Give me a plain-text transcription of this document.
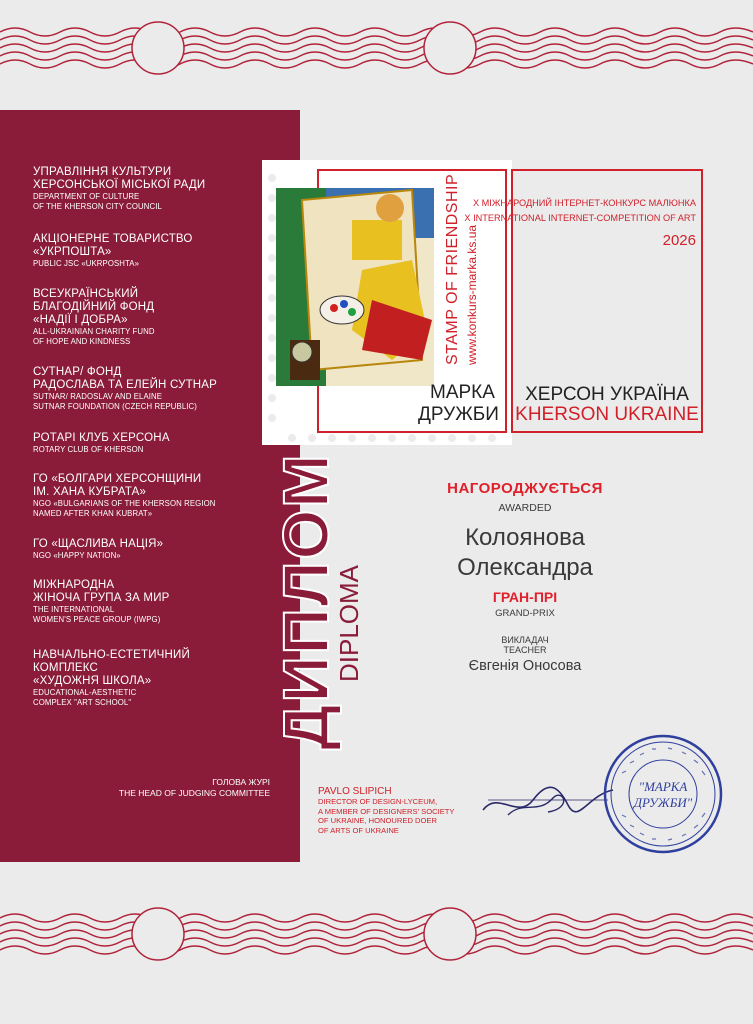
УПРАВЛІННЯ КУЛЬТУРИ
ХЕРСОНСЬКОЇ МІСЬКОЇ РАДИ
DEPARTMENT OF CULTURE
OF THE KHERSON CITY COUNCIL
АКЦІОНЕРНЕ ТОВАРИСТВО
«УКРПОШТА»
PUBLIC JSC «UKRPOSHTA»
ВСЕУКРАЇНСЬКИЙ
БЛАГОДІЙНИЙ ФОНД
«НАДІЇ І ДОБРА»
ALL-UKRAINIAN CHARITY FUND
OF HOPE AND KINDNESS
СУТНАР/ ФОНД
РАДОСЛАВА ТА ЕЛЕЙН СУТНАР
SUTNAR/ RADOSLAV AND ELAINE
SUTNAR FOUNDATION (CZECH REPUBLIC)
РОТАРІ КЛУБ ХЕРСОНА
ROTARY CLUB OF KHERSON
ГО «БОЛГАРИ ХЕРСОНЩИНИ
ІМ. ХАНА КУБРАТА»
NGO «BULGARIANS OF THE KHERSON REGION
NAMED AFTER KHAN KUBRAT»
ГО «ЩАСЛИВА НАЦІЯ»
NGO «HAPPY NATION»
МІЖНАРОДНА
ЖІНОЧА ГРУПА ЗА МИР
THE INTERNATIONAL
WOMEN'S PEACE GROUP (IWPG)
НАВЧАЛЬНО-ЕСТЕТИЧНИЙ
КОМПЛЕКС
«ХУДОЖНЯ ШКОЛА»
EDUCATIONAL-AESTHETIC
COMPLEX "ART SCHOOL"
ГОЛОВА ЖУРІ
THE HEAD OF JUDGING COMMITTEE
ДИПЛОМ
DIPLOMA
STAMP OF FRIENDSHIP www.konkurs-marka.ks.ua
МАРКА
ДРУЖБИ
X МІЖНАРОДНИЙ ІНТЕРНЕТ-КОНКУРС МАЛЮНКА
X INTERNATIONAL INTERNET-COMPETITION OF ART
2026
ХЕРСОН УКРАЇНА
KHERSON UKRAINE
НАГОРОДЖУЄТЬСЯ
AWARDED
Колоянова
Олександра
ГРАН-ПРІ
GRAND-PRIX
ВИКЛАДАЧ
TEACHER
Євгенія Оносова
PAVLO SLIPICH
DIRECTOR OF DESIGN-LYCEUM,
A MEMBER OF DESIGNERS' SOCIETY
OF UKRAINE, HONOURED DOER
OF ARTS OF UKRAINE
"МАРКА
ДРУЖБИ"
